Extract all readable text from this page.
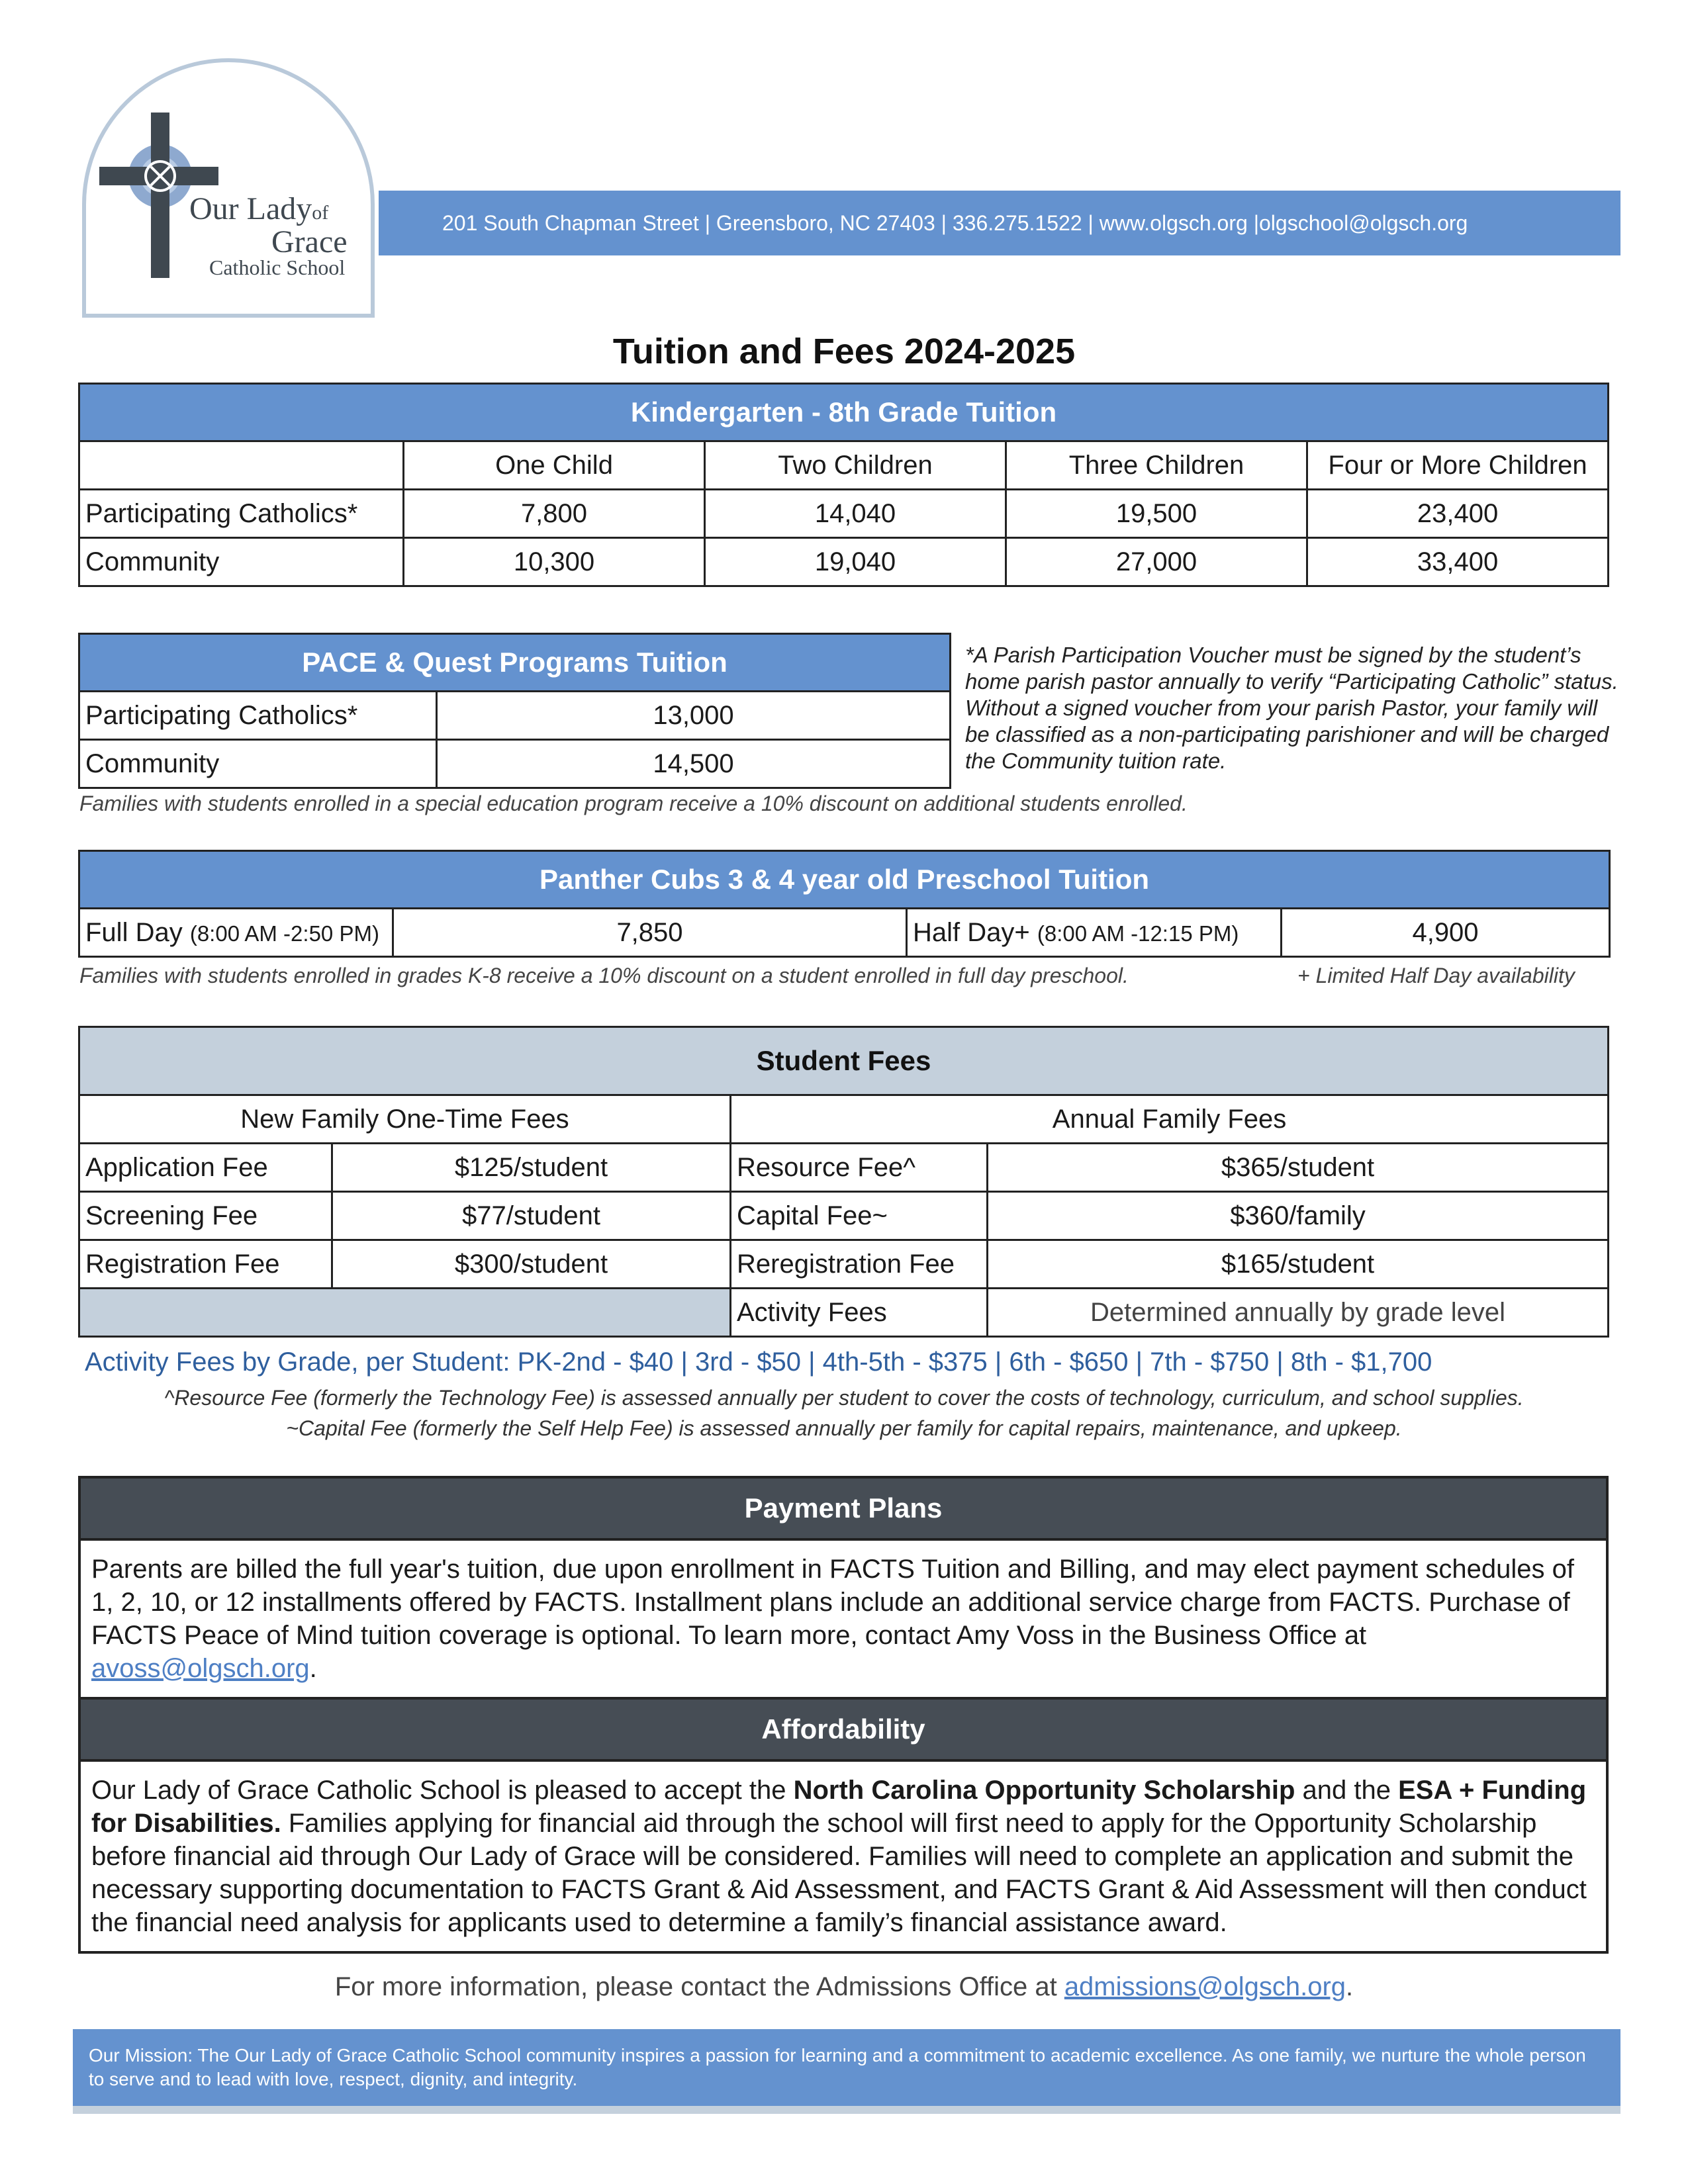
Our Ladyof
Grace
Catholic School
201 South Chapman Street | Greensboro, NC 27403 | 336.275.1522 | www.olgsch.org |olgschool@olgsch.org
Tuition and Fees 2024-2025
Kindergarten - 8th Grade Tuition				
	One Child	Two Children	Three Children	Four or More Children
Participating Catholics*	7,800	14,040	19,500	23,400
Community	10,300	19,040	27,000	33,400
PACE & Quest Programs Tuition	
Participating Catholics*	13,000
Community	14,500
*A Parish Participation Voucher must be signed by the student’s home parish pastor annually to verify “Participating Catholic” status. Without a signed voucher from your parish Pastor, your family will be classified as a non-participating parishioner and will be charged the Community tuition rate.
Families with students enrolled in a special education program receive a 10% discount on additional students enrolled.
Panther Cubs 3 & 4 year old Preschool Tuition
Full Day (8:00 AM -2:50 PM)	7,850	Half Day+ (8:00 AM -12:15 PM)	4,900
Families with students enrolled in grades K-8 receive a 10% discount on a student enrolled in full day preschool.	+ Limited Half Day availability
Student Fees			
New Family One-Time Fees		Annual Family Fees	
Application Fee	$125/student	Resource Fee^	$365/student
Screening Fee	$77/student	Capital Fee~	$360/family
Registration Fee	$300/student	Reregistration Fee	$165/student
		Activity Fees	Determined annually by grade level
Activity Fees by Grade, per Student: PK-2nd - $40 | 3rd - $50 | 4th-5th - $375 | 6th - $650 | 7th - $750 | 8th - $1,700
^Resource Fee (formerly the Technology Fee) is assessed annually per student to cover the costs of technology, curriculum, and school supplies.
~Capital Fee (formerly the Self Help Fee) is assessed annually per family for capital repairs, maintenance, and upkeep.
Payment Plans
Parents are billed the full year's tuition, due upon enrollment in FACTS Tuition and Billing, and may elect payment schedules of 1, 2, 10, or 12 installments offered by FACTS. Installment plans include an additional service charge from FACTS. Purchase of FACTS Peace of Mind tuition coverage is optional. To learn more, contact Amy Voss in the Business Office at avoss@olgsch.org.
Affordability
Our Lady of Grace Catholic School is pleased to accept the North Carolina Opportunity Scholarship and the ESA + Funding for Disabilities. Families applying for financial aid through the school will first need to apply for the Opportunity Scholarship before financial aid through Our Lady of Grace will be considered. Families will need to complete an application and submit the necessary supporting documentation to FACTS Grant & Aid Assessment, and FACTS Grant & Aid Assessment will then conduct the financial need analysis for applicants used to determine a family’s financial assistance award.
For more information, please contact the Admissions Office at admissions@olgsch.org.
Our Mission: The Our Lady of Grace Catholic School community inspires a passion for learning and a commitment to academic excellence. As one family, we nurture the whole person to serve and to lead with love, respect, dignity, and integrity.
